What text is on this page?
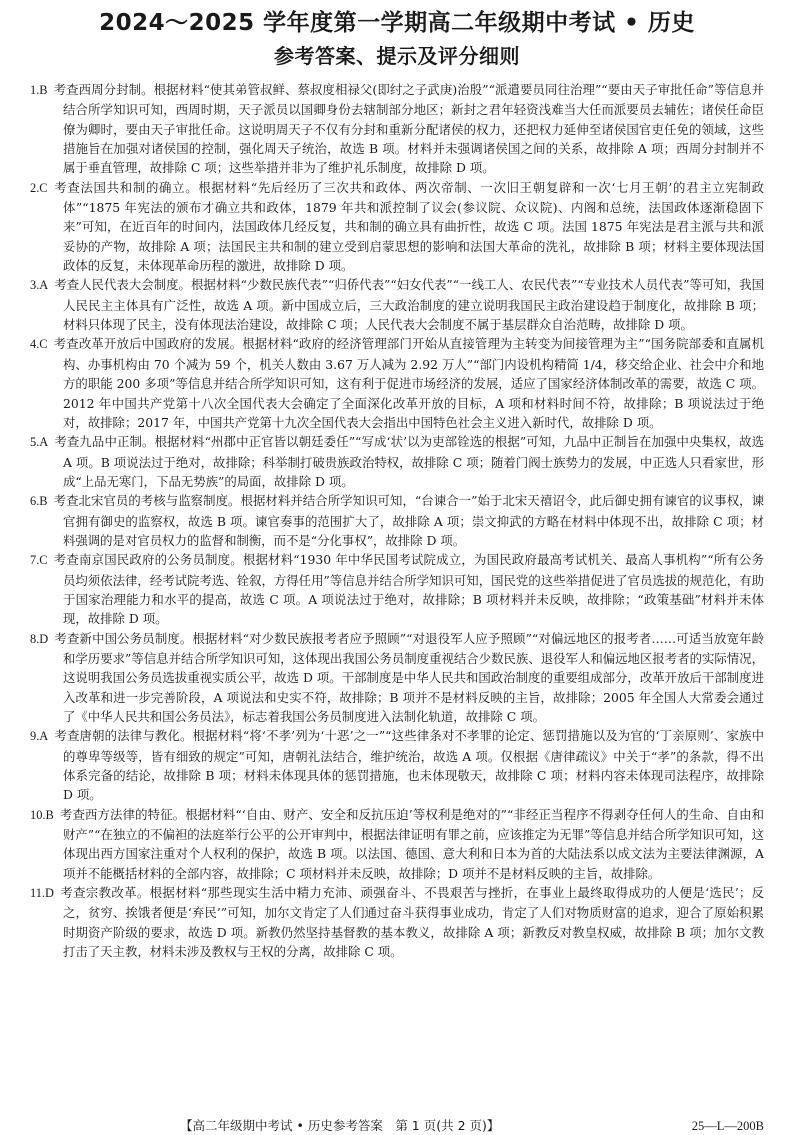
2024～2025 学年度第一学期高二年级期中考试 • 历史
参考答案、提示及评分细则

1.B 考查西周分封制。根据材料“使其弟管叔鲜、蔡叔度相禄父(即纣之子武庚)治殷”“派遣要员同往治理”“要由天子审批任命”等信息并结合所学知识可知，西周时期，天子派员以国卿身份去辖制部分地区；新封之君年轻资浅难当大任而派要员去辅佐；诸侯任命臣僚为卿时，要由天子审批任命。这说明周天子不仅有分封和重新分配诸侯的权力，还把权力延伸至诸侯国官吏任免的领域，这些措施旨在加强对诸侯国的控制，强化周天子统治，故选 B 项。材料并未强调诸侯国之间的关系，故排除 A 项；西周分封制并不属于垂直管理，故排除 C 项；这些举措并非为了维护礼乐制度，故排除 D 项。

2.C 考查法国共和制的确立。根据材料“先后经历了三次共和政体、两次帝制、一次旧王朝复辟和一次‘七月王朝’的君主立宪制政体”“1875 年宪法的颁布才确立共和政体，1879 年共和派控制了议会(参议院、众议院)、内阁和总统，法国政体逐渐稳固下来”可知，在近百年的时间内，法国政体几经反复，共和制的确立具有曲折性，故选 C 项。法国 1875 年宪法是君主派与共和派妥协的产物，故排除 A 项；法国民主共和制的建立受到启蒙思想的影响和法国大革命的洗礼，故排除 B 项；材料主要体现法国政体的反复，未体现革命历程的激进，故排除 D 项。

3.A 考查人民代表大会制度。根据材料“少数民族代表”“归侨代表”“妇女代表”“一线工人、农民代表”“专业技术人员代表”等可知，我国人民民主主体具有广泛性，故选 A 项。新中国成立后，三大政治制度的建立说明我国民主政治建设趋于制度化，故排除 B 项；材料只体现了民主，没有体现法治建设，故排除 C 项；人民代表大会制度不属于基层群众自治范畴，故排除 D 项。

4.C 考查改革开放后中国政府的发展。根据材料“政府的经济管理部门开始从直接管理为主转变为间接管理为主”“国务院部委和直属机构、办事机构由 70 个减为 59 个，机关人数由 3.67 万人减为 2.92 万人”“部门内设机构精简 1/4，移交给企业、社会中介和地方的职能 200 多项”等信息并结合所学知识可知，这有利于促进市场经济的发展，适应了国家经济体制改革的需要，故选 C 项。2012 年中国共产党第十八次全国代表大会确定了全面深化改革开放的目标，A 项和材料时间不符，故排除；B 项说法过于绝对，故排除；2017 年，中国共产党第十九次全国代表大会指出中国特色社会主义进入新时代，故排除 D 项。

5.A 考查九品中正制。根据材料“州郡中正官皆以朝廷委任”“写成‘状’以为吏部铨选的根据”可知，九品中正制旨在加强中央集权，故选 A 项。B 项说法过于绝对，故排除；科举制打破贵族政治特权，故排除 C 项；随着门阀士族势力的发展，中正选人只看家世，形成“上品无寒门，下品无势族”的局面，故排除 D 项。

6.B 考查北宋官员的考核与监察制度。根据材料并结合所学知识可知，“台谏合一”始于北宋天禧诏令，此后御史拥有谏官的议事权，谏官拥有御史的监察权，故选 B 项。谏官奏事的范围扩大了，故排除 A 项；崇文抑武的方略在材料中体现不出，故排除 C 项；材料强调的是对官员权力的监督和制衡，而不是“分化事权”，故排除 D 项。

7.C 考查南京国民政府的公务员制度。根据材料“1930 年中华民国考试院成立，为国民政府最高考试机关、最高人事机构”“所有公务员均须依法律，经考试院考选、铨叙，方得任用”等信息并结合所学知识可知，国民党的这些举措促进了官员选拔的规范化，有助于国家治理能力和水平的提高，故选 C 项。A 项说法过于绝对，故排除；B 项材料并未反映，故排除；“政策基础”材料并未体现，故排除 D 项。

8.D 考查新中国公务员制度。根据材料“对少数民族报考者应予照顾”“对退役军人应予照顾”“对偏远地区的报考者……可适当放宽年龄和学历要求”等信息并结合所学知识可知，这体现出我国公务员制度重视结合少数民族、退役军人和偏远地区报考者的实际情况，这说明我国公务员选拔重视实质公平，故选 D 项。干部制度是中华人民共和国政治制度的重要组成部分，改革开放后干部制度进入改革和进一步完善阶段，A 项说法和史实不符，故排除；B 项并不是材料反映的主旨，故排除；2005 年全国人大常委会通过了《中华人民共和国公务员法》，标志着我国公务员制度进入法制化轨道，故排除 C 项。

9.A 考查唐朝的法律与教化。根据材料“将‘不孝’列为‘十恶’之一”“这些律条对不孝罪的论定、惩罚措施以及为官的‘丁亲原则’、家族中的尊卑等级等，皆有细致的规定”可知，唐朝礼法结合，维护统治，故选 A 项。仅根据《唐律疏议》中关于“孝”的条款，得不出体系完备的结论，故排除 B 项；材料未体现具体的惩罚措施，也未体现敬天，故排除 C 项；材料内容未体现司法程序，故排除 D 项。

10.B 考查西方法律的特征。根据材料“‘自由、财产、安全和反抗压迫’等权利是绝对的”“非经正当程序不得剥夺任何人的生命、自由和财产”“在独立的不偏袒的法庭举行公平的公开审判中，根据法律证明有罪之前，应该推定为无罪”等信息并结合所学知识可知，这体现出西方国家注重对个人权利的保护，故选 B 项。以法国、德国、意大利和日本为首的大陆法系以成文法为主要法律渊源，A 项并不能概括材料的全部内容，故排除；C 项材料并未反映，故排除；D 项并不是材料反映的主旨，故排除。

11.D 考查宗教改革。根据材料“那些现实生活中精力充沛、顽强奋斗、不畏艰苦与挫折，在事业上最终取得成功的人便是‘选民’；反之，贫穷、挨饿者便是‘弃民’”可知，加尔文肯定了人们通过奋斗获得事业成功，肯定了人们对物质财富的追求，迎合了原始积累时期资产阶级的要求，故选 D 项。新教仍然坚持基督教的基本教义，故排除 A 项；新教反对教皇权威，故排除 B 项；加尔文教打击了天主教，材料未涉及教权与王权的分离，故排除 C 项。

【高二年级期中考试 • 历史参考答案　第 1 页(共 2 页)】	25—L—200B
